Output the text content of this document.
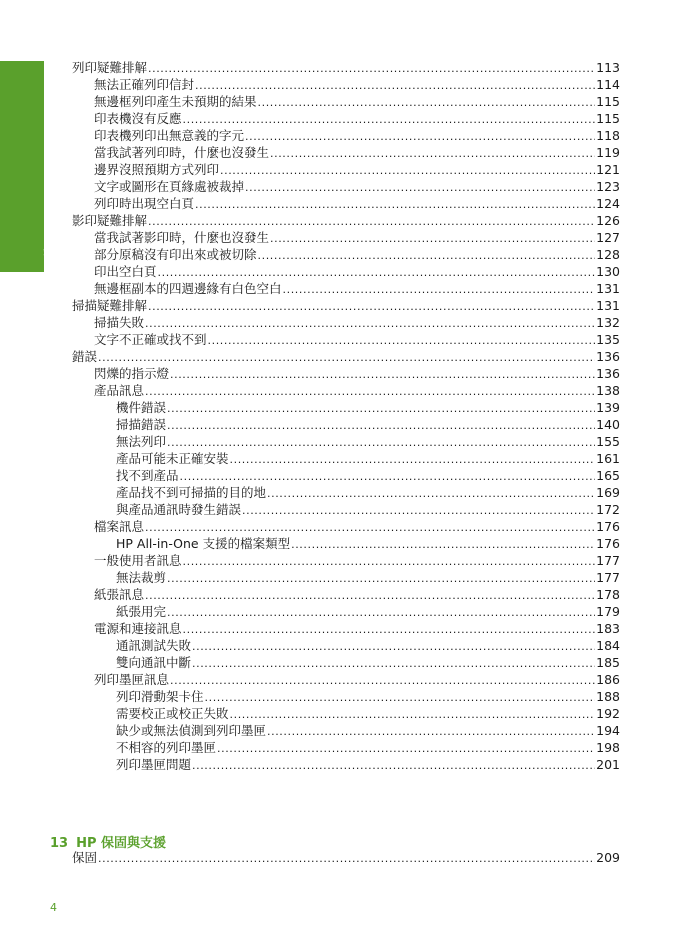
目錄
列印疑難排解 .....	113
無法正確列印信封 .....	114
無邊框列印產生未預期的結果 .....	115
印表機沒有反應 .....	115
印表機列印出無意義的字元 .....	118
當我試著列印時，什麼也沒發生 .....	119
邊界沒照預期方式列印 .....	121
文字或圖形在頁緣處被裁掉 .....	123
列印時出現空白頁 .....	124
影印疑難排解 .....	126
當我試著影印時，什麼也沒發生 .....	127
部分原稿沒有印出來或被切除 .....	128
印出空白頁 .....	130
無邊框副本的四週邊緣有白色空白 .....	131
掃描疑難排解 .....	131
掃描失敗 .....	132
文字不正確或找不到 .....	135
錯誤 .....	136
閃爍的指示燈 .....	136
產品訊息 .....	138
機件錯誤 .....	139
掃描錯誤 .....	140
無法列印 .....	155
產品可能未正確安裝 .....	161
找不到產品 .....	165
產品找不到可掃描的目的地 .....	169
與產品通訊時發生錯誤 .....	172
檔案訊息 .....	176
HP All-in-One 支援的檔案類型 .....	176
一般使用者訊息 .....	177
無法裁剪 .....	177
紙張訊息 .....	178
紙張用完 .....	179
電源和連接訊息 .....	183
通訊測試失敗 .....	184
雙向通訊中斷 .....	185
列印墨匣訊息 .....	186
列印滑動架卡住 .....	188
需要校正或校正失敗 .....	192
缺少或無法偵測到列印墨匣 .....	194
不相容的列印墨匣 .....	198
列印墨匣問題 .....	201
13 HP 保固與支援
保固 .....	209
4
